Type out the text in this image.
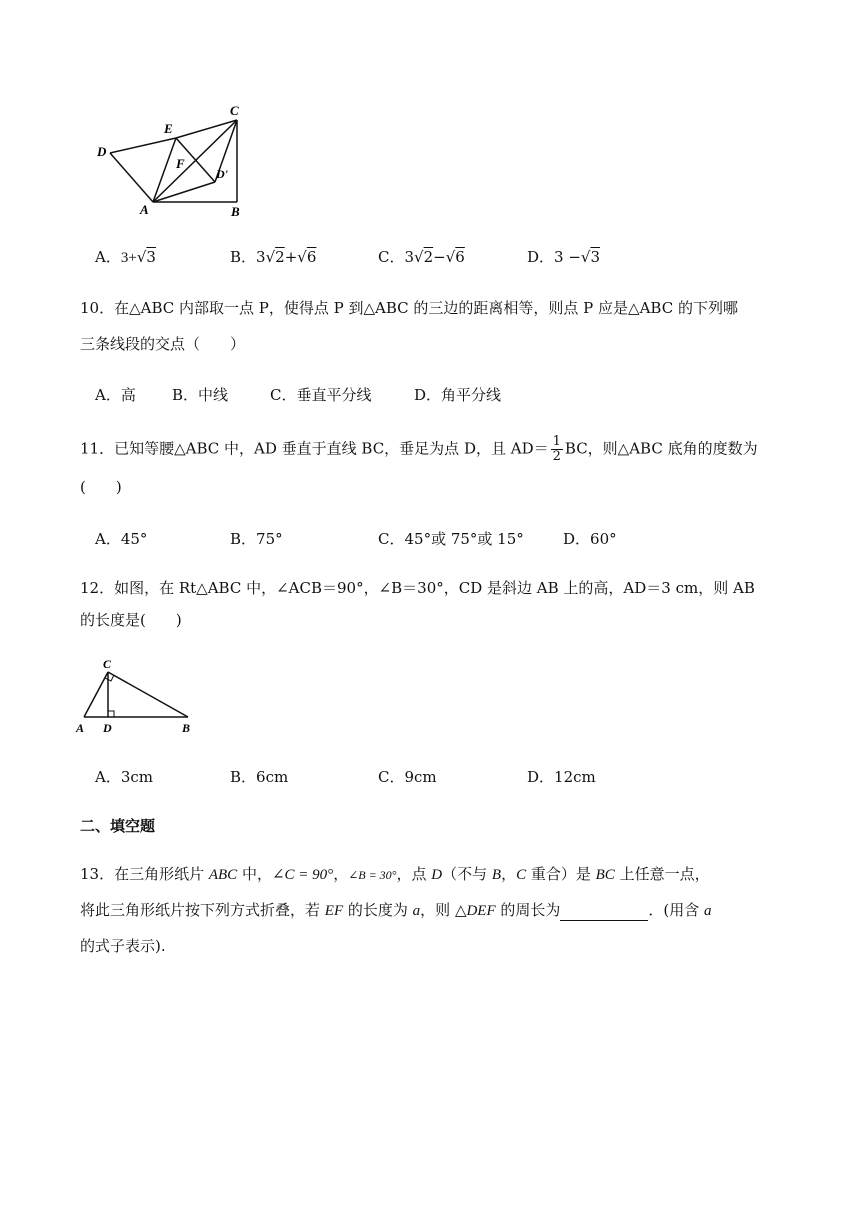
C
E
D
F
D'
A	B
A．3+√3	B．3√2+√6	C．3√2−√6	D．3 −√3
10．在△ABC 内部取一点 P，使得点 P 到△ABC 的三边的距离相等，则点 P 应是△ABC 的下列哪
三条线段的交点（　　）
A．高 B．中线	C．垂直平分线	D．角平分线
11．已知等腰△ABC 中，AD 垂直于直线 BC，垂足为点 D，且 $AD= \frac{1}{2}$ BC，则△ABC 底角的度数为
(　　)
A．45°	B．75°	C．45°或 75°或 15°	D．60°
12．如图，在 Rt△ABC 中，∠ACB＝90°，∠B＝30°，CD 是斜边 AB 上的高，AD＝3 cm，则 AB
的长度是(　　)
C
A D	B
A．3cm	B．6cm	C．9cm	D．12cm
二、填空题
13．在三角形纸片 ABC 中，∠C = 90°，∠B = 30°，点 D（不与 B，C 重合）是 BC 上任意一点，
将此三角形纸片按下列方式折叠，若 EF 的长度为 a，则 △DEF 的周长为	．(用含 a
的式子表示).
